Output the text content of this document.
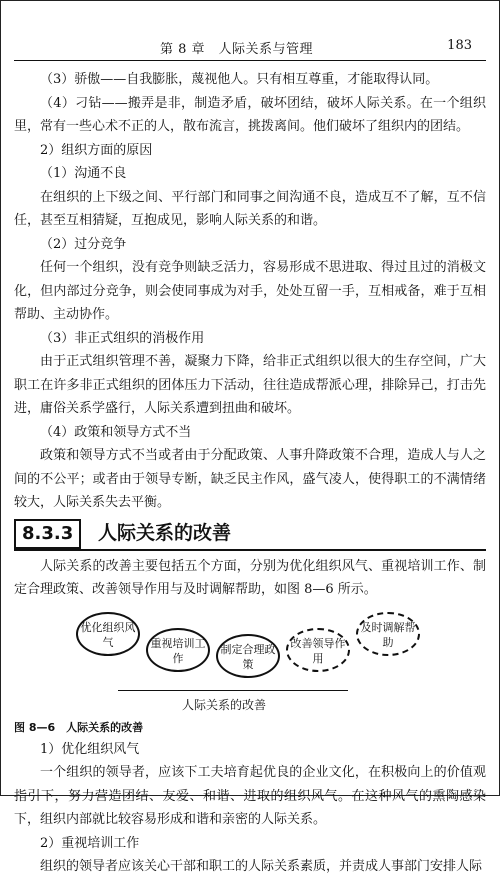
第 8 章　人际关系与管理	183

（3）骄傲——自我膨胀，蔑视他人。只有相互尊重，才能取得认同。

（4）刁钻——搬弄是非，制造矛盾，破坏团结，破坏人际关系。在一个组织里，常有一些心术不正的人，散布流言，挑拨离间。他们破坏了组织内的团结。

2）组织方面的原因

（1）沟通不良

在组织的上下级之间、平行部门和同事之间沟通不良，造成互不了解，互不信任，甚至互相猜疑，互抱成见，影响人际关系的和谐。

（2）过分竞争

任何一个组织，没有竞争则缺乏活力，容易形成不思进取、得过且过的消极文化，但内部过分竞争，则会使同事成为对手，处处互留一手，互相戒备，难于互相帮助、主动协作。

（3）非正式组织的消极作用

由于正式组织管理不善，凝聚力下降，给非正式组织以很大的生存空间，广大职工在许多非正式组织的团体压力下活动，往往造成帮派心理，排除异己，打击先进，庸俗关系学盛行，人际关系遭到扭曲和破坏。

（4）政策和领导方式不当

政策和领导方式不当或者由于分配政策、人事升降政策不合理，造成人与人之间的不公平；或者由于领导专断，缺乏民主作风，盛气凌人，使得职工的不满情绪较大，人际关系失去平衡。

8.3.3	人际关系的改善

人际关系的改善主要包括五个方面，分别为优化组织风气、重视培训工作、制定合理政策、改善领导作用与及时调解帮助，如图 8—6 所示。

优化组织风气	重视培训工作
制定合理政策
改善领导作用
及时调解帮助
人际关系的改善

图 8—6　人际关系的改善

1）优化组织风气

一个组织的领导者，应该下工夫培育起优良的企业文化，在积极向上的价值观指引下，努力营造团结、友爱、和谐、进取的组织风气。在这种风气的熏陶感染下，组织内部就比较容易形成和谐和亲密的人际关系。

2）重视培训工作

组织的领导者应该关心干部和职工的人际关系素质，并责成人事部门安排人际
